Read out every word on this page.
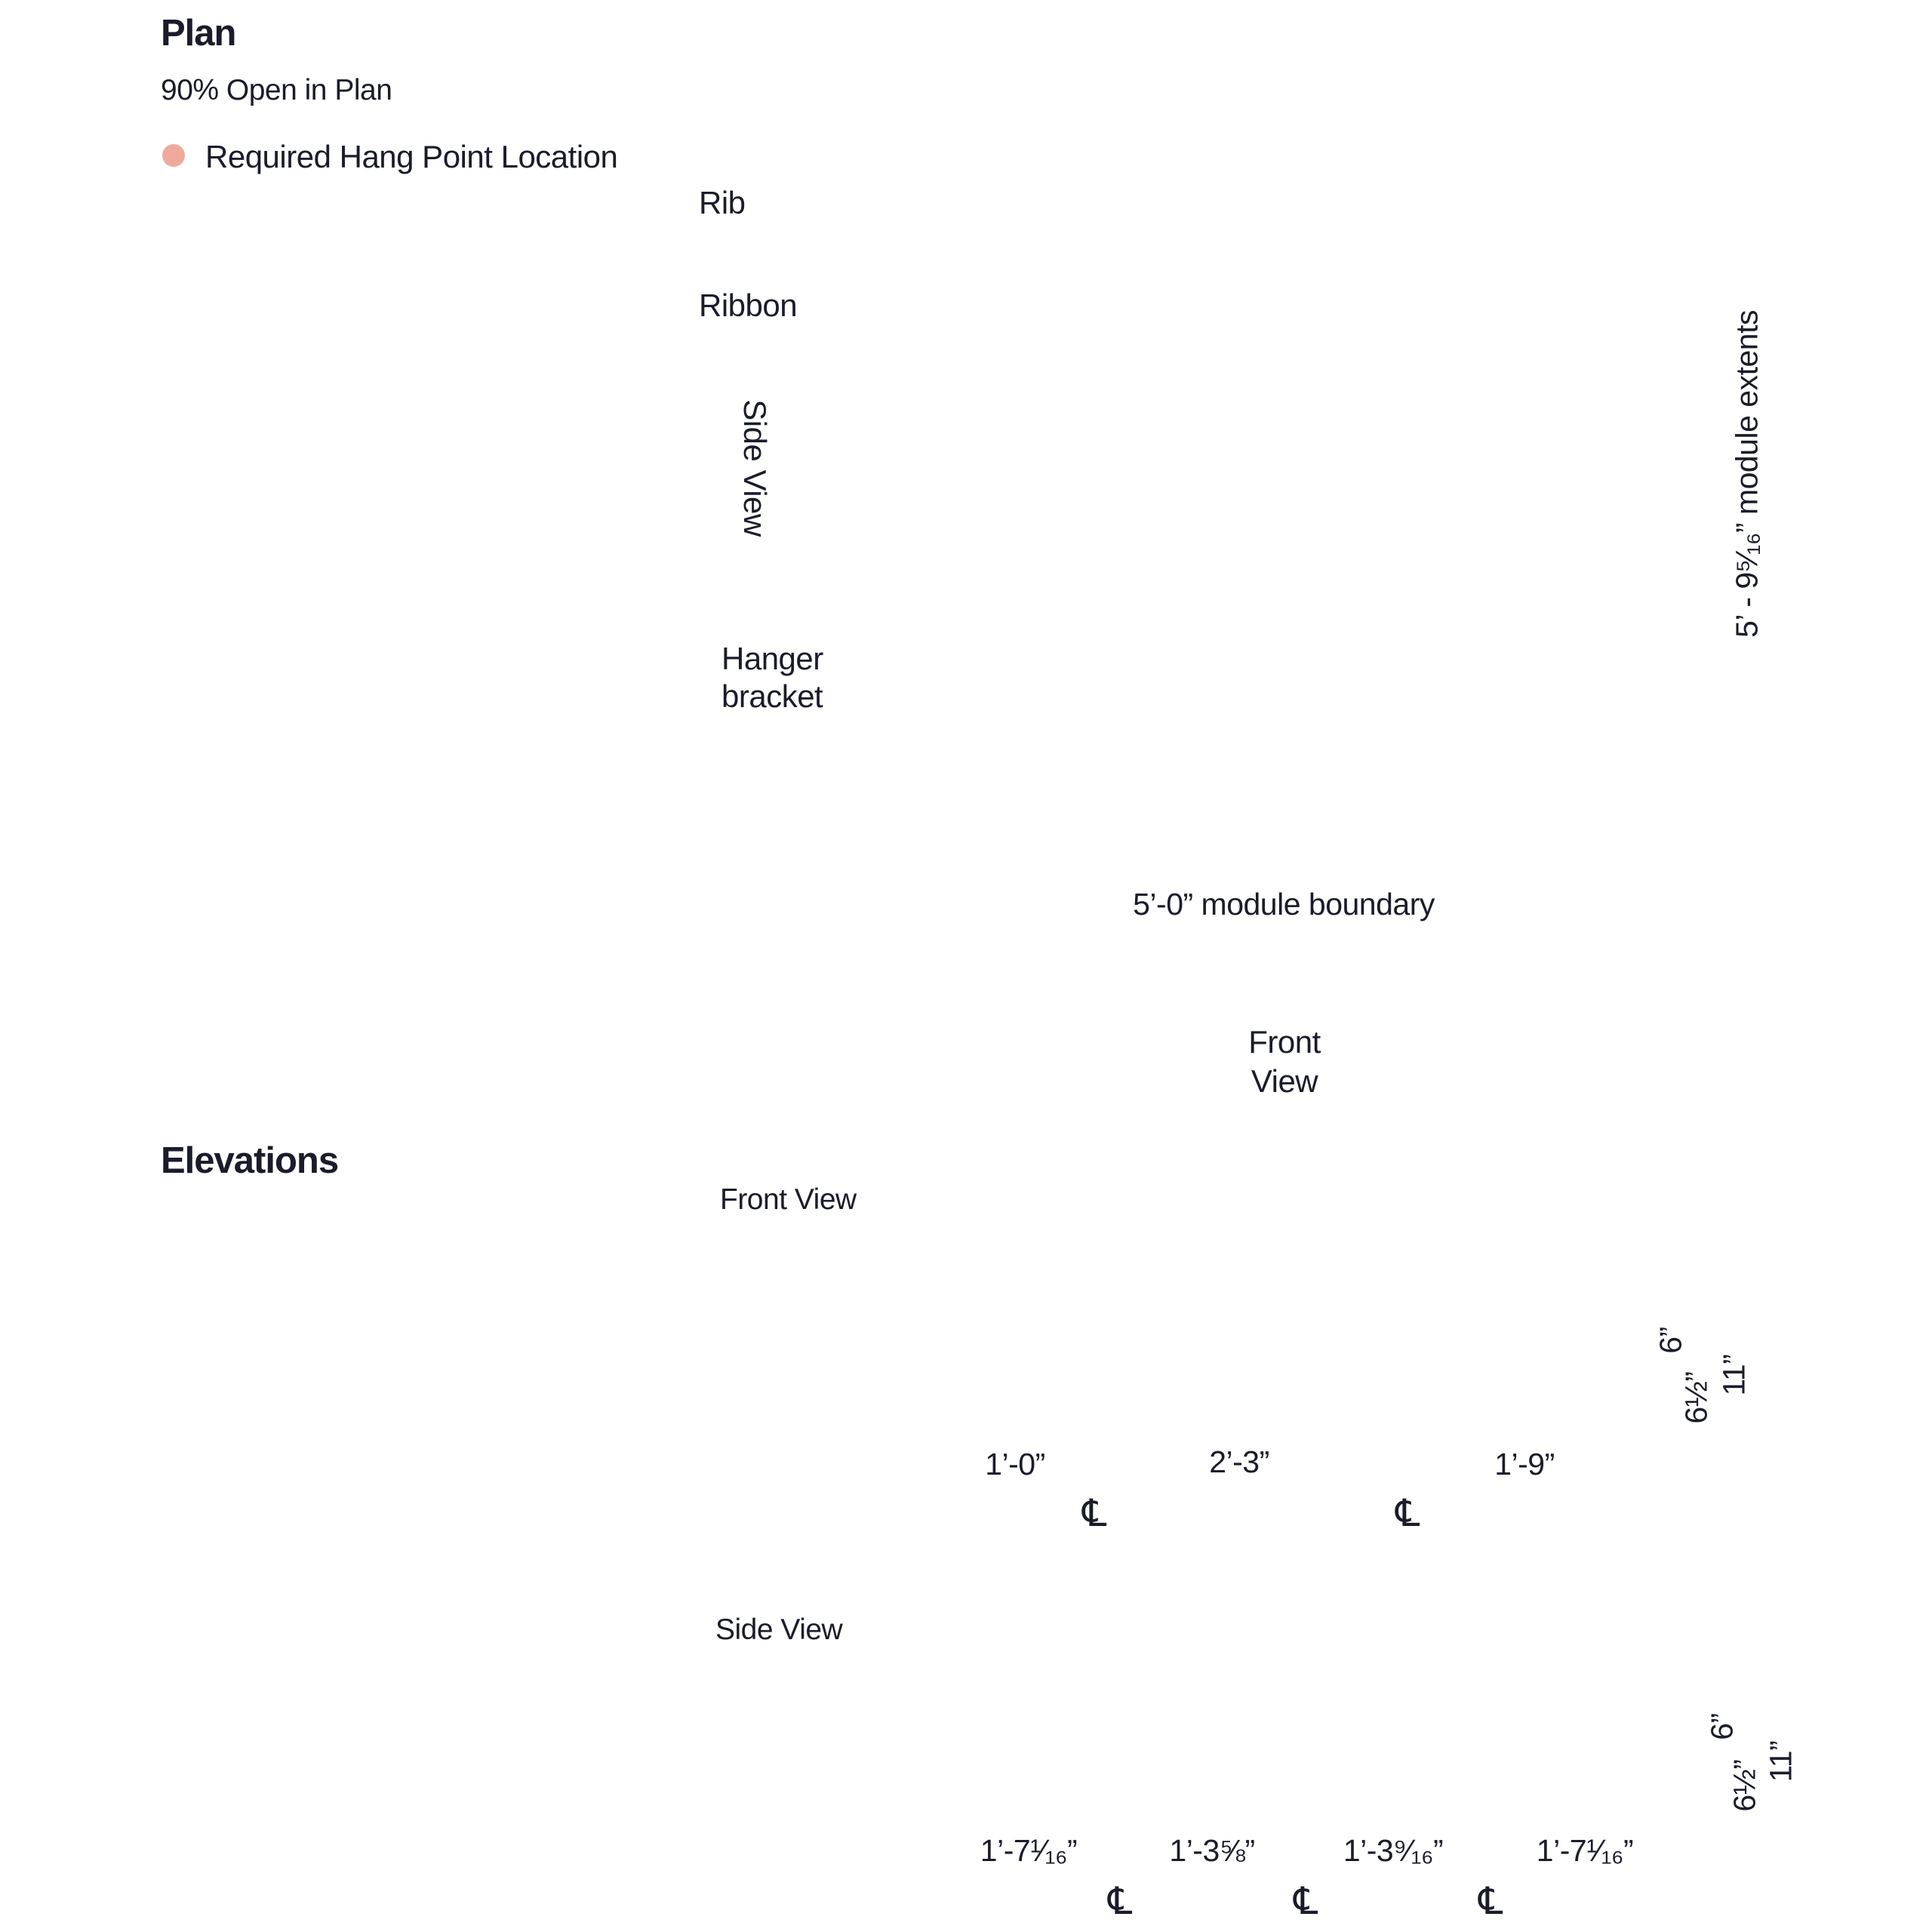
Plan
90% Open in Plan
Required Hang Point Location
Rib
Ribbon
Hanger
bracket
Side View
Front
View
5’-0” module boundary
5’ - 9⁵⁄₁₆” module extents
Elevations
Front View
Side View
1’-0”	2’-3”	1’-9”
6”
6½” 11”
1’-7¹⁄₁₆”	1’-3⅝”	1’-3⁹⁄₁₆”	1’-7¹⁄₁₆”
6”
6½” 11”
℄	℄
℄	℄	℄
